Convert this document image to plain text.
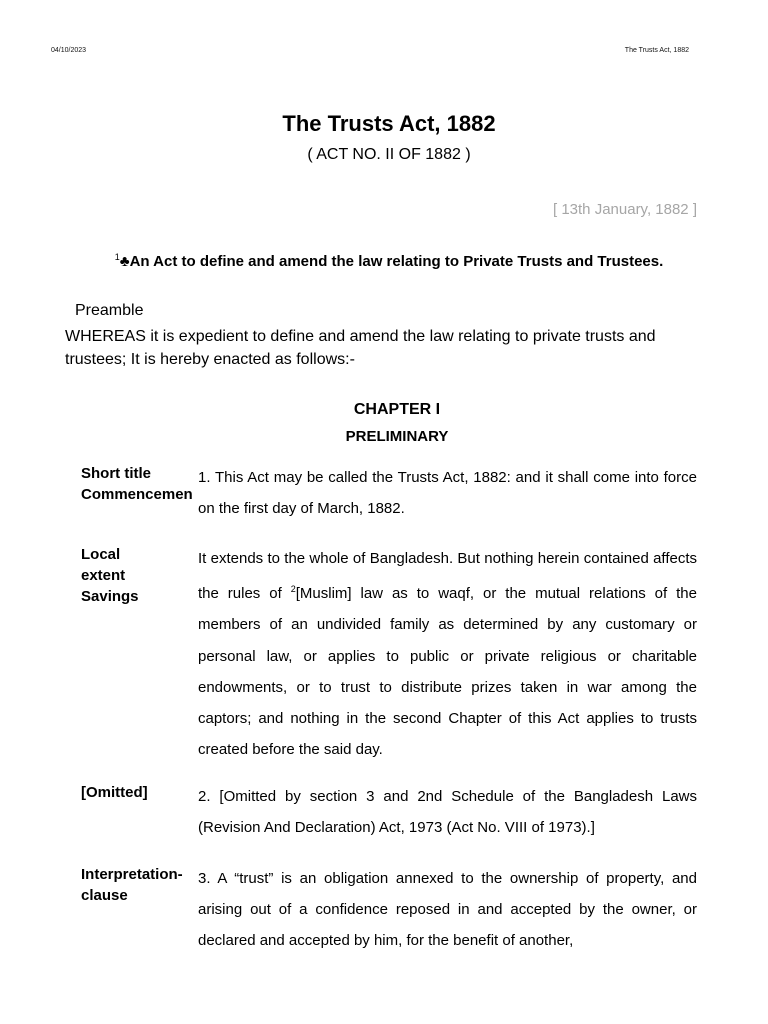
04/10/2023	The Trusts Act, 1882
The Trusts Act, 1882
( ACT NO. II OF 1882 )
[ 13th January, 1882 ]
$^1$♣An Act to define and amend the law relating to Private Trusts and Trustees.
Preamble
WHEREAS it is expedient to define and amend the law relating to private trusts and trustees; It is hereby enacted as follows:-
CHAPTER I
PRELIMINARY
Short title
Commencemen
1. This Act may be called the Trusts Act, 1882: and it shall come into force on the first day of March, 1882.
Local
extent
Savings
It extends to the whole of Bangladesh. But nothing herein contained affects the rules of $^2$[Muslim] law as to waqf, or the mutual relations of the members of an undivided family as determined by any customary or personal law, or applies to public or private religious or charitable endowments, or to trust to distribute prizes taken in war among the captors; and nothing in the second Chapter of this Act applies to trusts created before the said day.
[Omitted]	2. [Omitted by section 3 and 2nd Schedule of the Bangladesh Laws (Revision And Declaration) Act, 1973 (Act No. VIII of 1973).]
Interpretation-
clause
3. A “trust” is an obligation annexed to the ownership of property, and arising out of a confidence reposed in and accepted by the owner, or declared and accepted by him, for the benefit of another,
